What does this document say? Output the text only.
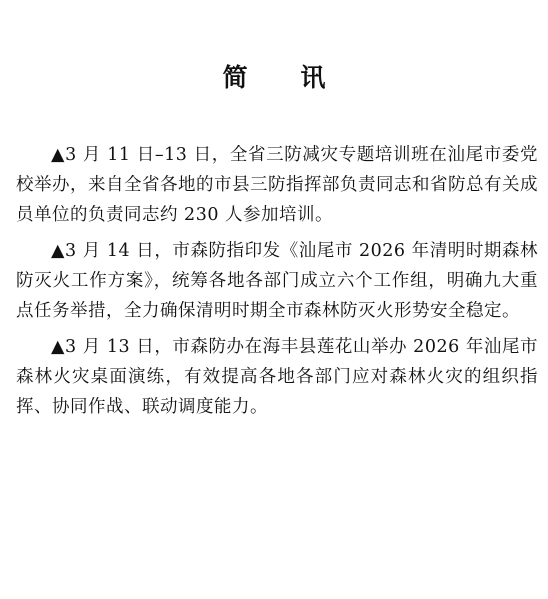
简 讯

▲3 月 11 日–13 日，全省三防减灾专题培训班在汕尾市委党校举办，来自全省各地的市县三防指挥部负责同志和省防总有关成员单位的负责同志约 230 人参加培训。

▲3 月 14 日，市森防指印发《汕尾市 2026 年清明时期森林防灭火工作方案》，统筹各地各部门成立六个工作组，明确九大重点任务举措，全力确保清明时期全市森林防灭火形势安全稳定。

▲3 月 13 日，市森防办在海丰县莲花山举办 2026 年汕尾市森林火灾桌面演练，有效提高各地各部门应对森林火灾的组织指挥、协同作战、联动调度能力。
